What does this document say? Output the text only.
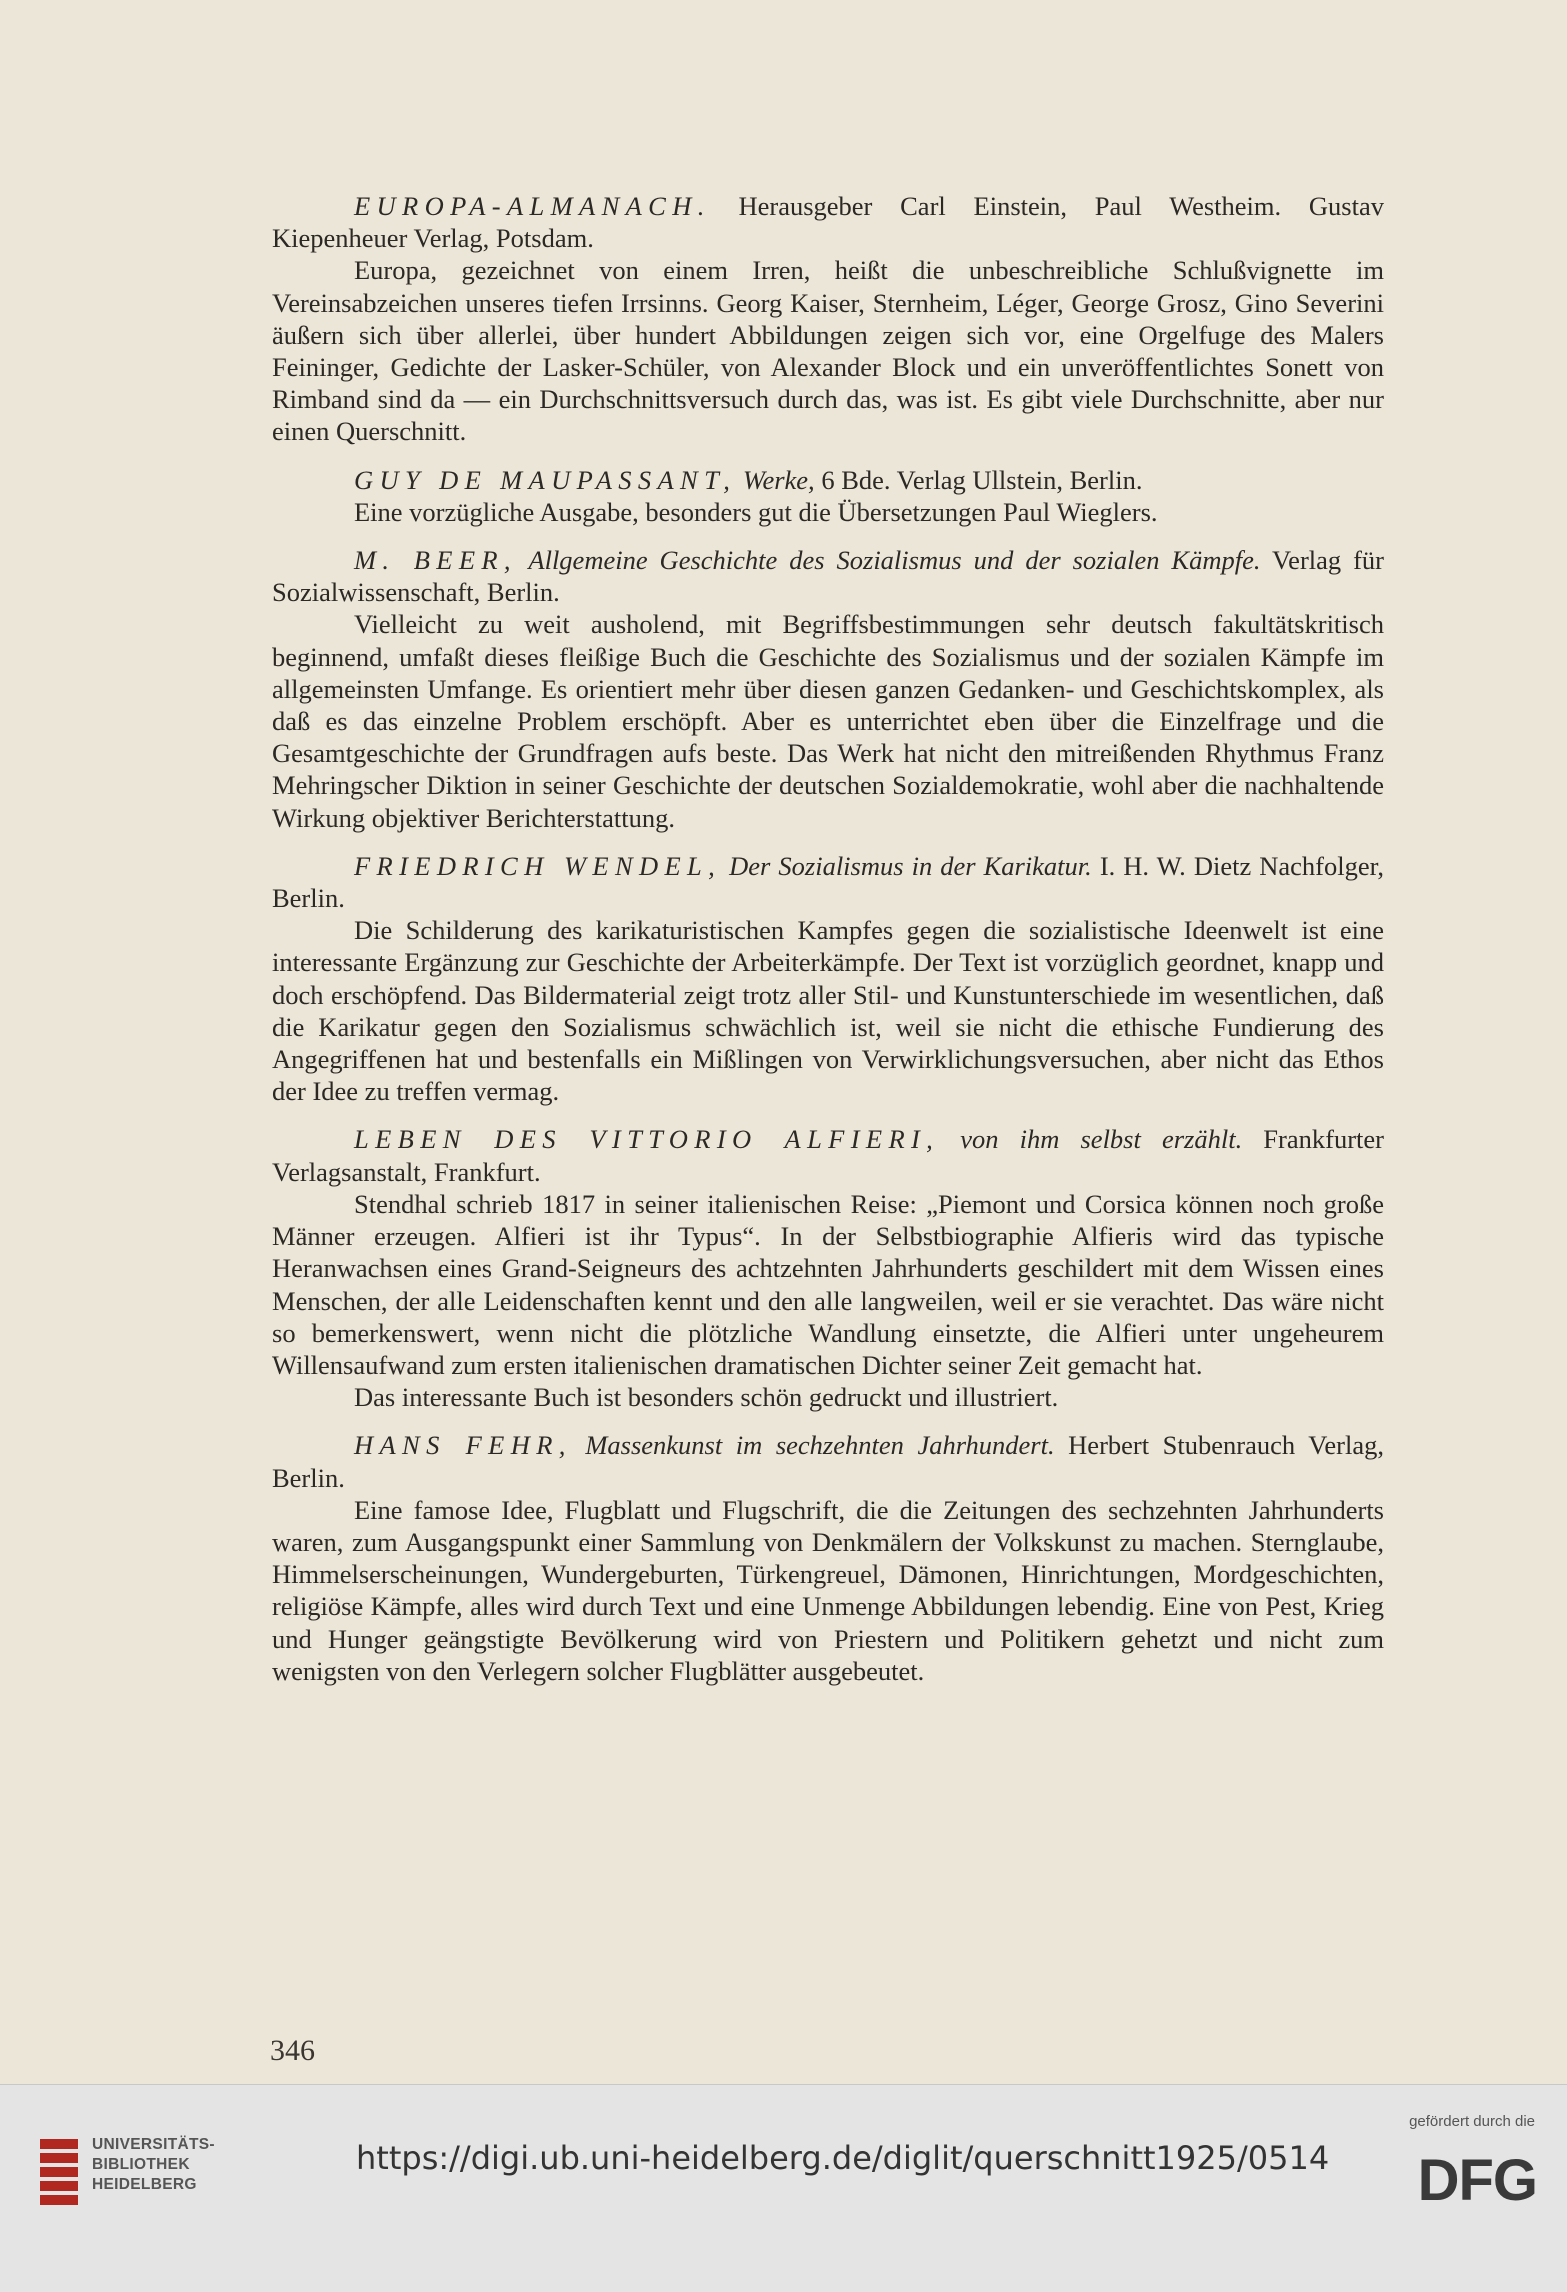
EUROPA-ALMANACH. Herausgeber Carl Einstein, Paul Westheim. Gustav Kiepenheuer Verlag, Potsdam.

Europa, gezeichnet von einem Irren, heißt die unbeschreibliche Schlußvignette im Vereinsabzeichen unseres tiefen Irrsinns. Georg Kaiser, Sternheim, Léger, George Grosz, Gino Severini äußern sich über allerlei, über hundert Abbildungen zeigen sich vor, eine Orgelfuge des Malers Feininger, Gedichte der Lasker-Schüler, von Alexander Block und ein unveröffentlichtes Sonett von Rimband sind da — ein Durchschnittsversuch durch das, was ist. Es gibt viele Durchschnitte, aber nur einen Querschnitt.

GUY DE MAUPASSANT, Werke, 6 Bde. Verlag Ullstein, Berlin.

Eine vorzügliche Ausgabe, besonders gut die Übersetzungen Paul Wieglers.

M. BEER, Allgemeine Geschichte des Sozialismus und der sozialen Kämpfe. Verlag für Sozialwissenschaft, Berlin.

Vielleicht zu weit ausholend, mit Begriffsbestimmungen sehr deutsch fakultätskritisch beginnend, umfaßt dieses fleißige Buch die Geschichte des Sozialismus und der sozialen Kämpfe im allgemeinsten Umfange. Es orientiert mehr über diesen ganzen Gedanken- und Geschichtskomplex, als daß es das einzelne Problem erschöpft. Aber es unterrichtet eben über die Einzelfrage und die Gesamtgeschichte der Grundfragen aufs beste. Das Werk hat nicht den mitreißenden Rhythmus Franz Mehringscher Diktion in seiner Geschichte der deutschen Sozialdemokratie, wohl aber die nachhaltende Wirkung objektiver Berichterstattung.

FRIEDRICH WENDEL, Der Sozialismus in der Karikatur. I. H. W. Dietz Nachfolger, Berlin.

Die Schilderung des karikaturistischen Kampfes gegen die sozialistische Ideenwelt ist eine interessante Ergänzung zur Geschichte der Arbeiterkämpfe. Der Text ist vorzüglich geordnet, knapp und doch erschöpfend. Das Bildermaterial zeigt trotz aller Stil- und Kunstunterschiede im wesentlichen, daß die Karikatur gegen den Sozialismus schwächlich ist, weil sie nicht die ethische Fundierung des Angegriffenen hat und bestenfalls ein Mißlingen von Verwirklichungsversuchen, aber nicht das Ethos der Idee zu treffen vermag.

LEBEN DES VITTORIO ALFIERI, von ihm selbst erzählt. Frankfurter Verlagsanstalt, Frankfurt.

Stendhal schrieb 1817 in seiner italienischen Reise: „Piemont und Corsica können noch große Männer erzeugen. Alfieri ist ihr Typus“. In der Selbstbiographie Alfieris wird das typische Heranwachsen eines Grand-Seigneurs des achtzehnten Jahrhunderts geschildert mit dem Wissen eines Menschen, der alle Leidenschaften kennt und den alle langweilen, weil er sie verachtet. Das wäre nicht so bemerkenswert, wenn nicht die plötzliche Wandlung einsetzte, die Alfieri unter ungeheurem Willensaufwand zum ersten italienischen dramatischen Dichter seiner Zeit gemacht hat.

Das interessante Buch ist besonders schön gedruckt und illustriert.

HANS FEHR, Massenkunst im sechzehnten Jahrhundert. Herbert Stubenrauch Verlag, Berlin.

Eine famose Idee, Flugblatt und Flugschrift, die die Zeitungen des sechzehnten Jahrhunderts waren, zum Ausgangspunkt einer Sammlung von Denkmälern der Volkskunst zu machen. Sternglaube, Himmelserscheinungen, Wundergeburten, Türkengreuel, Dämonen, Hinrichtungen, Mordgeschichten, religiöse Kämpfe, alles wird durch Text und eine Unmenge Abbildungen lebendig. Eine von Pest, Krieg und Hunger geängstigte Bevölkerung wird von Priestern und Politikern gehetzt und nicht zum wenigsten von den Verlegern solcher Flugblätter ausgebeutet.

346
UNIVERSITÄTS-
BIBLIOTHEK
HEIDELBERG
https://digi.ub.uni-heidelberg.de/diglit/querschnitt1925/0514
gefördert durch die
DFG
